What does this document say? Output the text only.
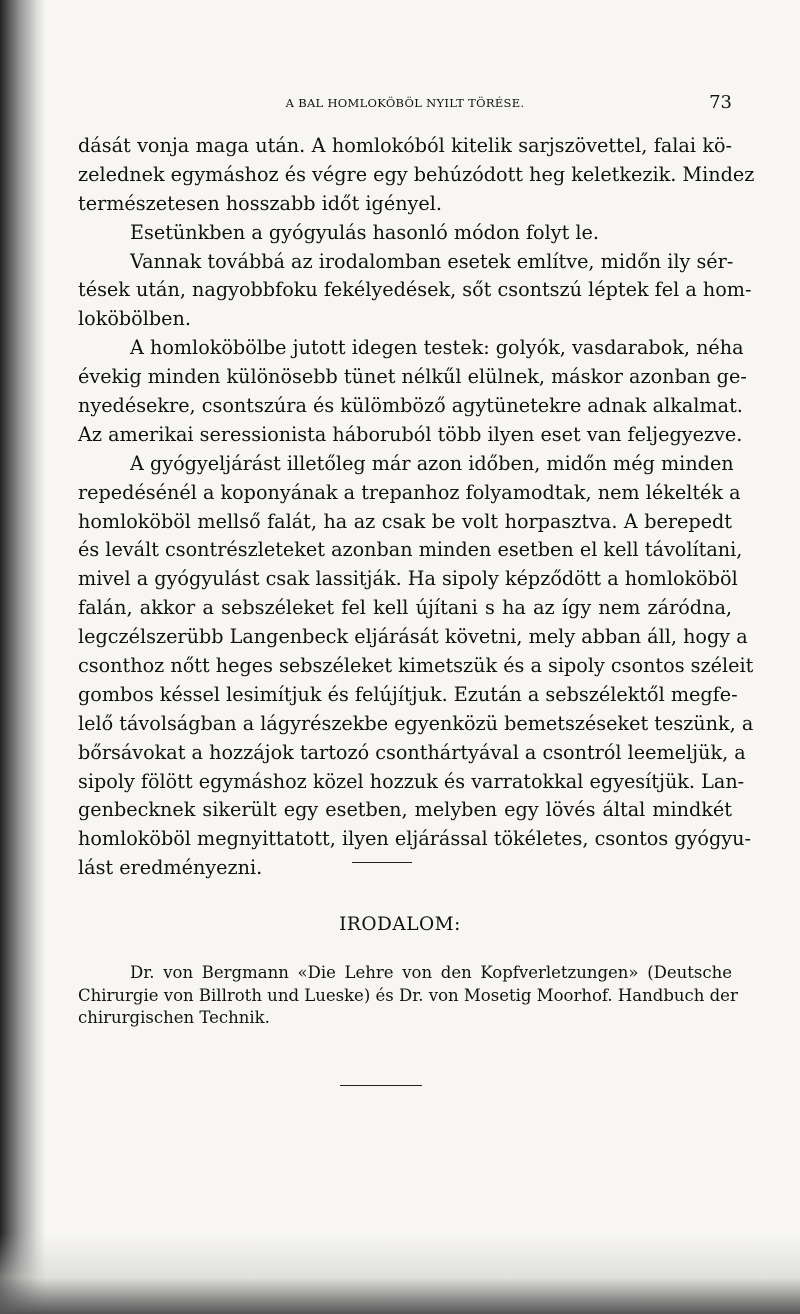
A BAL HOMLOKÖBÖL NYILT TÖRÉSE.	73
dását vonja maga után. A homlokóból kitelik sarjszövettel, falai kö-
zelednek egymáshoz és végre egy behúzódott heg keletkezik. Mindez
természetesen hosszabb időt igényel.
Esetünkben a gyógyulás hasonló módon folyt le.
Vannak továbbá az irodalomban esetek említve, midőn ily sér-
tések után, nagyobbfoku fekélyedések, sőt csontszú léptek fel a hom-
loköbölben.
A homloköbölbe jutott idegen testek: golyók, vasdarabok, néha
évekig minden különösebb tünet nélkűl elülnek, máskor azonban ge-
nyedésekre, csontszúra és külömböző agytünetekre adnak alkalmat.
Az amerikai seressionista háboruból több ilyen eset van feljegyezve.
A gyógyeljárást illetőleg már azon időben, midőn még minden
repedésénél a koponyának a trepanhoz folyamodtak, nem lékelték a
homloköböl mellső falát, ha az csak be volt horpasztva. A berepedt
és levált csontrészleteket azonban minden esetben el kell távolítani,
mivel a gyógyulást csak lassitják. Ha sipoly képződött a homloköböl
falán, akkor a sebszéleket fel kell újítani s ha az így nem záródna,
legczélszerübb Langenbeck eljárását követni, mely abban áll, hogy a
csonthoz nőtt heges sebszéleket kimetszük és a sipoly csontos széleit
gombos késsel lesimítjuk és felújítjuk. Ezután a sebszélektől megfe-
lelő távolságban a lágyrészekbe egyenközü bemetszéseket teszünk, a
bőrsávokat a hozzájok tartozó csonthártyával a csontról leemeljük, a
sipoly fölött egymáshoz közel hozzuk és varratokkal egyesítjük. Lan-
genbecknek sikerült egy esetben, melyben egy lövés által mindkét
homloköböl megnyittatott, ilyen eljárással tökéletes, csontos gyógyu-
lást eredményezni.
IRODALOM:
Dr. von Bergmann «Die Lehre von den Kopfverletzungen» (Deutsche
Chirurgie von Billroth und Lueske) és Dr. von Mosetig Moorhof. Handbuch der
chirurgischen Technik.
